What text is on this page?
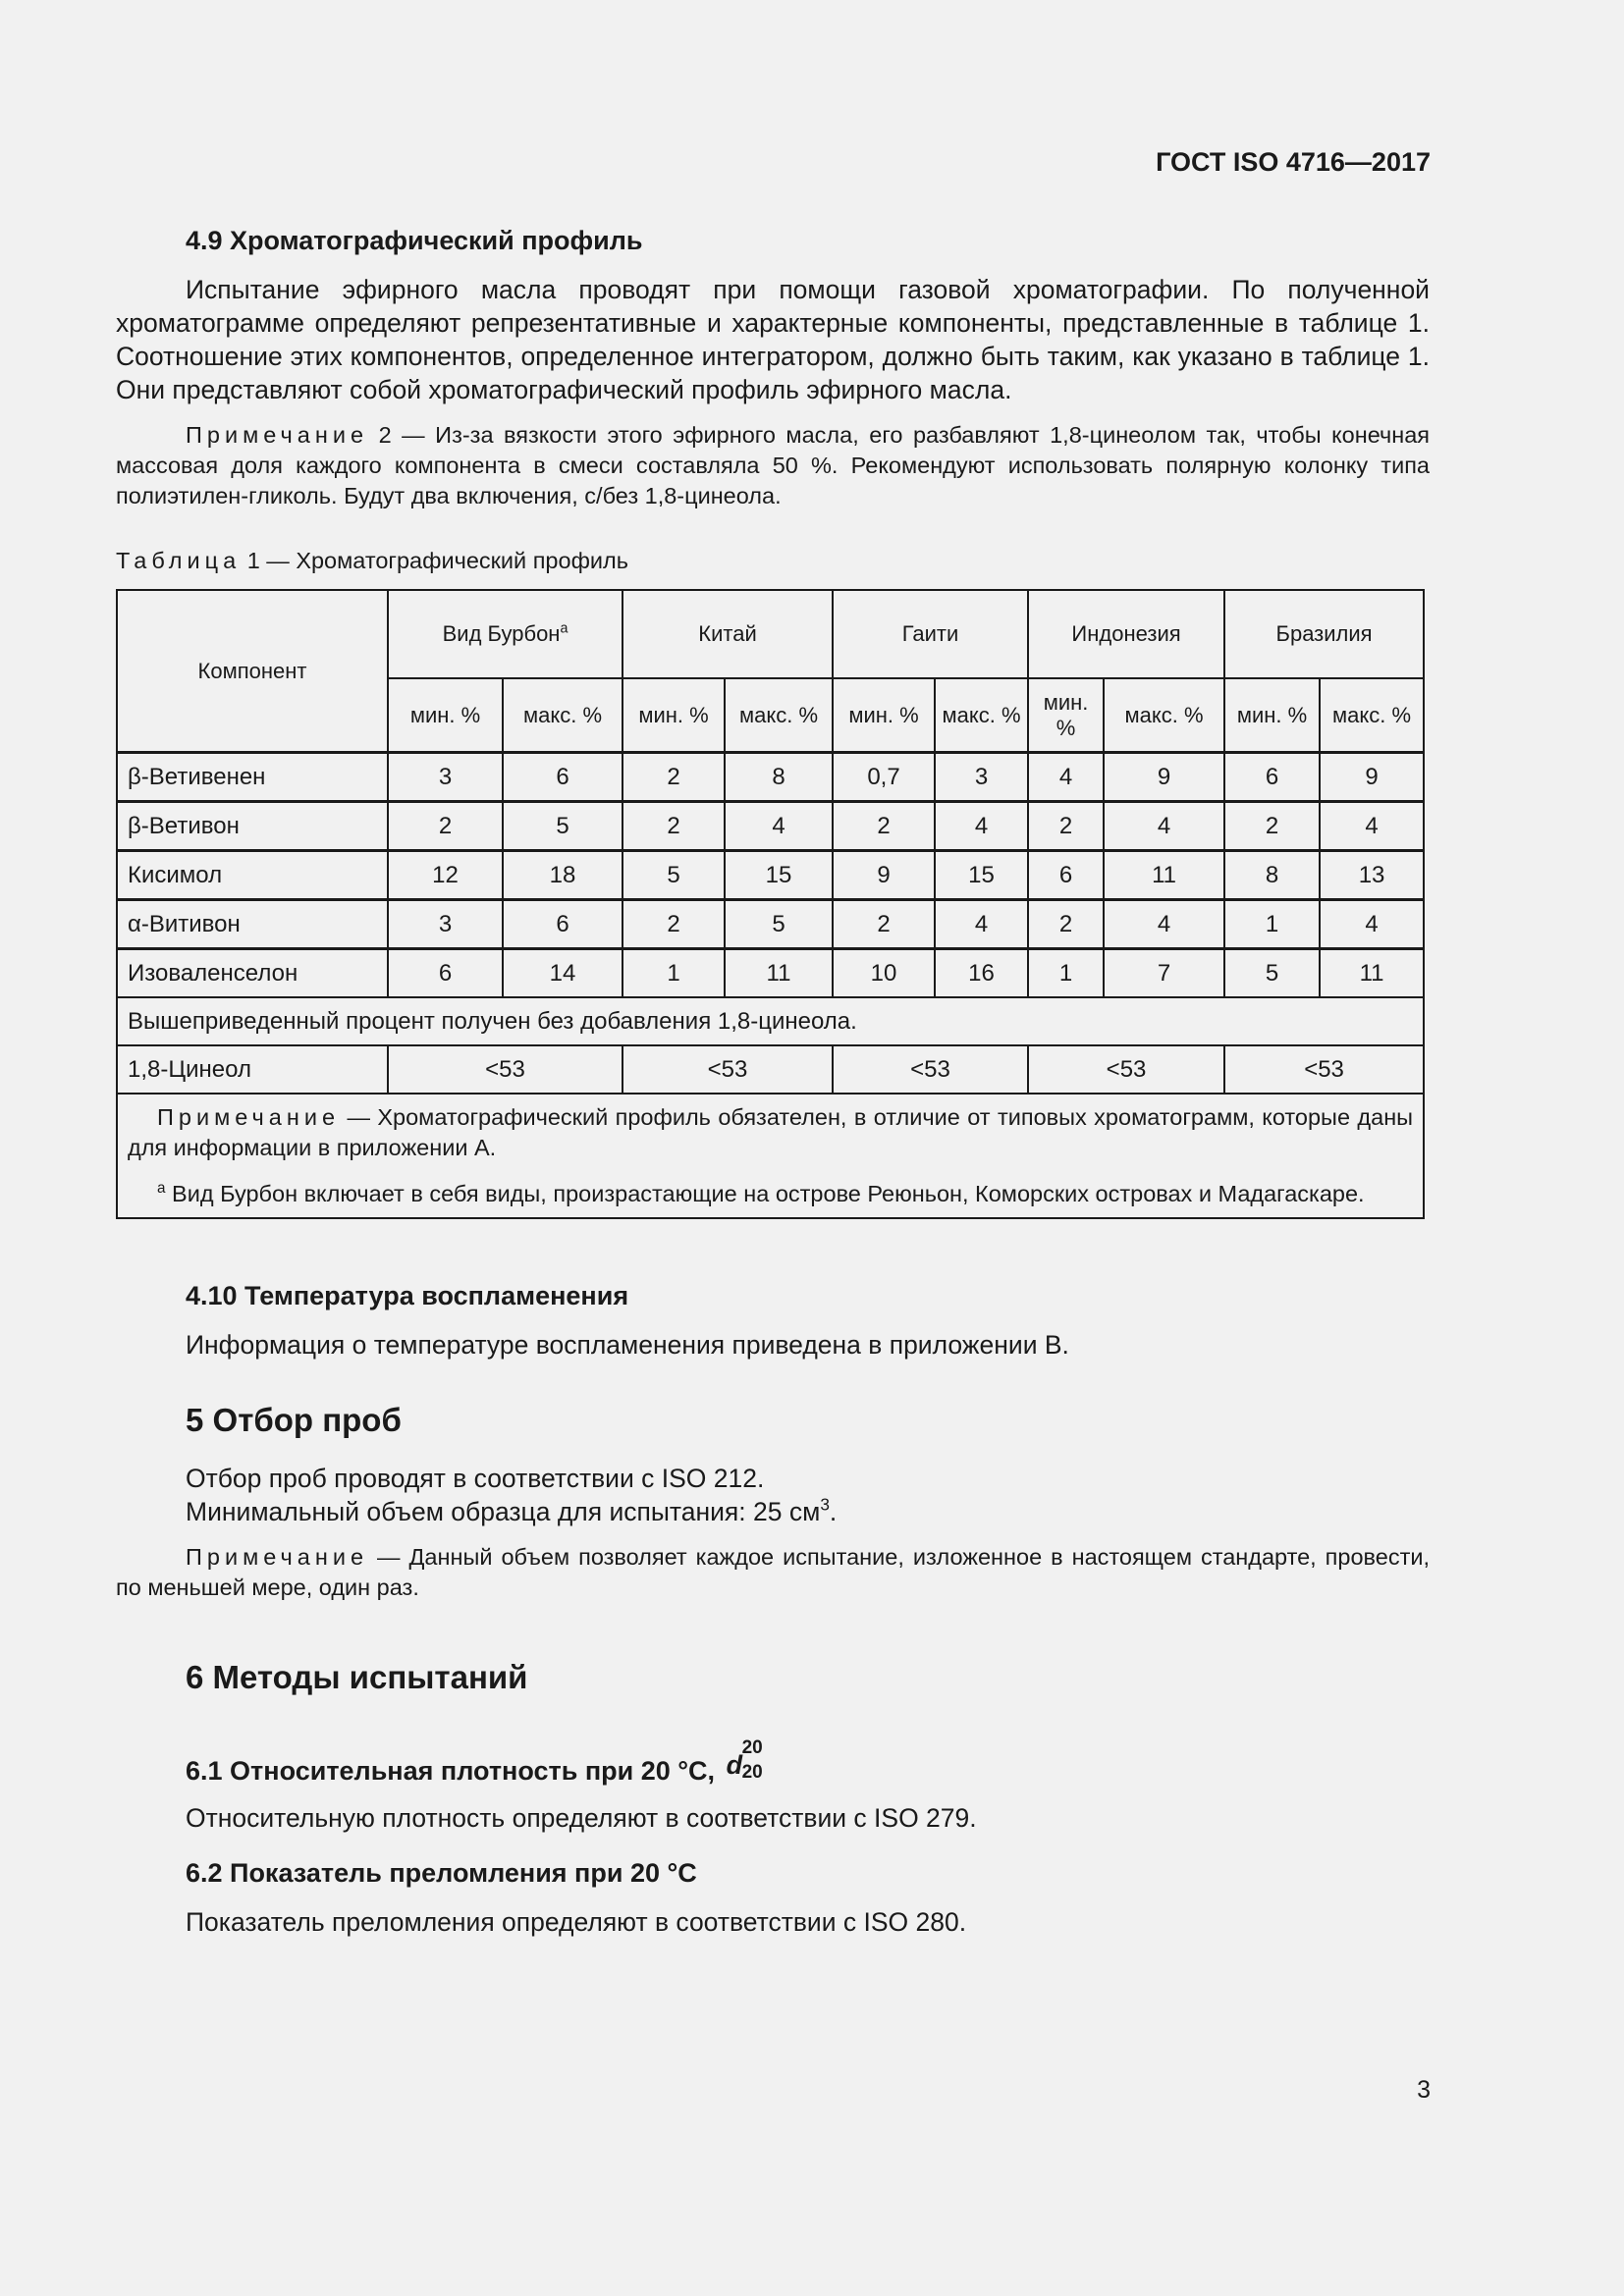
ГОСТ ISO 4716—2017
4.9 Хроматографический профиль
Испытание эфирного масла проводят при помощи газовой хроматографии. По полученной хроматограмме определяют репрезентативные и характерные компоненты, представленные в таблице 1. Соотношение этих компонентов, определенное интегратором, должно быть таким, как указано в таблице 1. Они представляют собой хроматографический профиль эфирного масла.
Примечание 2 — Из-за вязкости этого эфирного масла, его разбавляют 1,8-цинеолом так, чтобы конечная массовая доля каждого компонента в смеси составляла 50 %. Рекомендуют использовать полярную колонку типа полиэтилен-гликоль. Будут два включения, с/без 1,8-цинеола.
Таблица 1 — Хроматографический профиль
Компонент	Вид Бурбон$^a$		Китай		Гаити		Индонезия		Бразилия	
	мин. %	макс. %	мин. %	макс. %	мин. %	макс. %	мин. %	макс. %	мин. %	макс. %
β-Ветивенен	3	6	2	8	0,7	3	4	9	6	9
β-Ветивон	2	5	2	4	2	4	2	4	2	4
Кисимол	12	18	5	15	9	15	6	11	8	13
α-Витивон	3	6	2	5	2	4	2	4	1	4
Изоваленселон	6	14	1	11	10	16	1	7	5	11
Вышеприведенный процент получен без добавления 1,8-цинеола.										
1,8-Цинеол	<53		<53		<53		<53		<53	

Примечание — Хроматографический профиль обязателен, в отличие от типовых хроматограмм, которые даны для информации в приложении А.

$^a$ Вид Бурбон включает в себя виды, произрастающие на острове Реюньон, Коморских островах и Мадагаскаре.										

4.10 Температура воспламенения
Информация о температуре воспламенения приведена в приложении В.
5 Отбор проб
Отбор проб проводят в соответствии с ISO 212.
Минимальный объем образца для испытания: 25 $см^3$.
Примечание — Данный объем позволяет каждое испытание, изложенное в настоящем стандарте, провести, по меньшей мере, один раз.
6 Методы испытаний
6.1 Относительная плотность при 20 °С, d
20
20
Относительную плотность определяют в соответствии с ISO 279.
6.2 Показатель преломления при 20 °С
Показатель преломления определяют в соответствии с ISO 280.
3
